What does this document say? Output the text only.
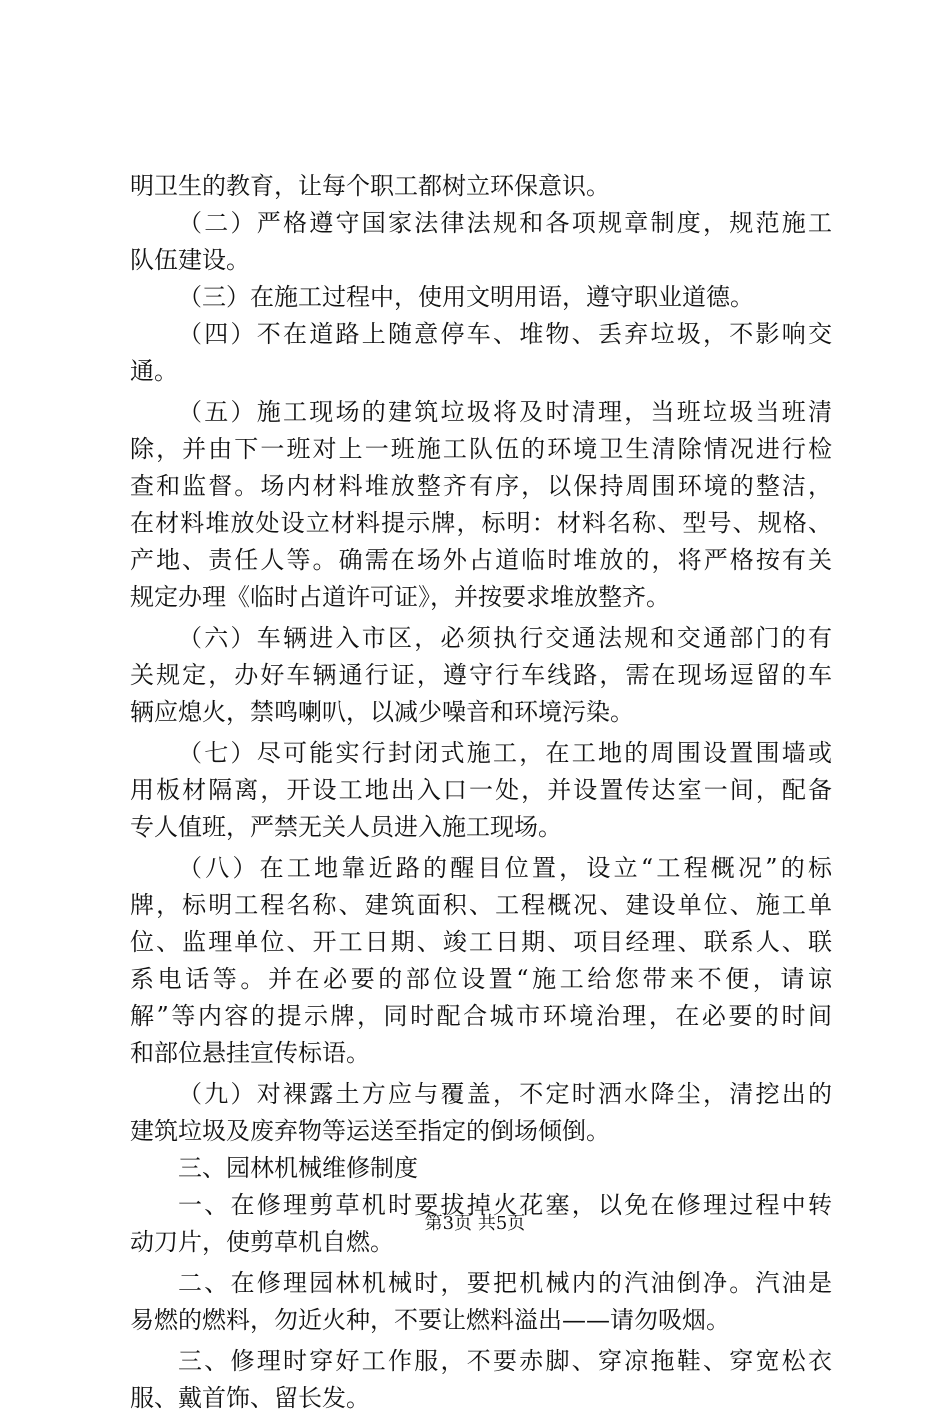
明卫生的教育，让每个职工都树立环保意识。
（二）严格遵守国家法律法规和各项规章制度，规范施工
队伍建设。
（三）在施工过程中，使用文明用语，遵守职业道德。
（四）不在道路上随意停车、堆物、丢弃垃圾，不影响交
通。
（五）施工现场的建筑垃圾将及时清理，当班垃圾当班清
除，并由下一班对上一班施工队伍的环境卫生清除情况进行检
查和监督。场内材料堆放整齐有序，以保持周围环境的整洁，
在材料堆放处设立材料提示牌，标明：材料名称、型号、规格、
产地、责任人等。确需在场外占道临时堆放的，将严格按有关
规定办理《临时占道许可证》，并按要求堆放整齐。
（六）车辆进入市区，必须执行交通法规和交通部门的有
关规定，办好车辆通行证，遵守行车线路，需在现场逗留的车
辆应熄火，禁鸣喇叭，以减少噪音和环境污染。
（七）尽可能实行封闭式施工，在工地的周围设置围墙或
用板材隔离，开设工地出入口一处，并设置传达室一间，配备
专人值班，严禁无关人员进入施工现场。
（八）在工地靠近路的醒目位置，设立“工程概况”的标
牌，标明工程名称、建筑面积、工程概况、建设单位、施工单
位、监理单位、开工日期、竣工日期、项目经理、联系人、联
系电话等。并在必要的部位设置“施工给您带来不便，请谅
解”等内容的提示牌，同时配合城市环境治理，在必要的时间
和部位悬挂宣传标语。
（九）对裸露土方应与覆盖，不定时洒水降尘，清挖出的
建筑垃圾及废弃物等运送至指定的倒场倾倒。
三、园林机械维修制度
一、在修理剪草机时要拔掉火花塞，以免在修理过程中转
动刀片，使剪草机自燃。
二、在修理园林机械时，要把机械内的汽油倒净。汽油是
易燃的燃料，勿近火种，不要让燃料溢出——请勿吸烟。
三、修理时穿好工作服，不要赤脚、穿凉拖鞋、穿宽松衣
服、戴首饰、留长发。
第3页 共5页
